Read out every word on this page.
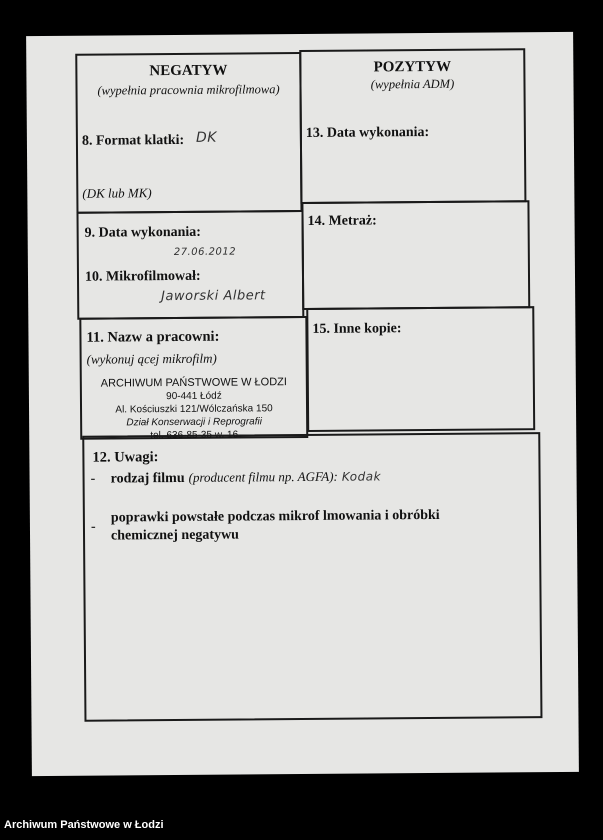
NEGATYW
(wypełnia pracownia mikrofilmowa)
8. Format klatki: DK
(DK lub MK)
9. Data wykonania:
27.06.2012
10. Mikrofilmował:
Jaworski Albert
11. Nazw a pracowni:
(wykonuj ącej mikrofilm)
ARCHIWUM PAŃSTWOWE W ŁODZI
90-441 Łódź
Al. Kościuszki 121/Wólczańska 150
Dział Konserwacji i Reprografii
tel. 636-85-35 w. 16
POZYTYW
(wypełnia ADM)
13. Data wykonania:
14. Metraż:
15. Inne kopie:
12. Uwagi:
- rodzaj filmu (producent filmu np. AGFA): Kodak
-
poprawki powstałe podczas mikrof lmowania i obróbki
chemicznej negatywu
Archiwum Państwowe w Łodzi
